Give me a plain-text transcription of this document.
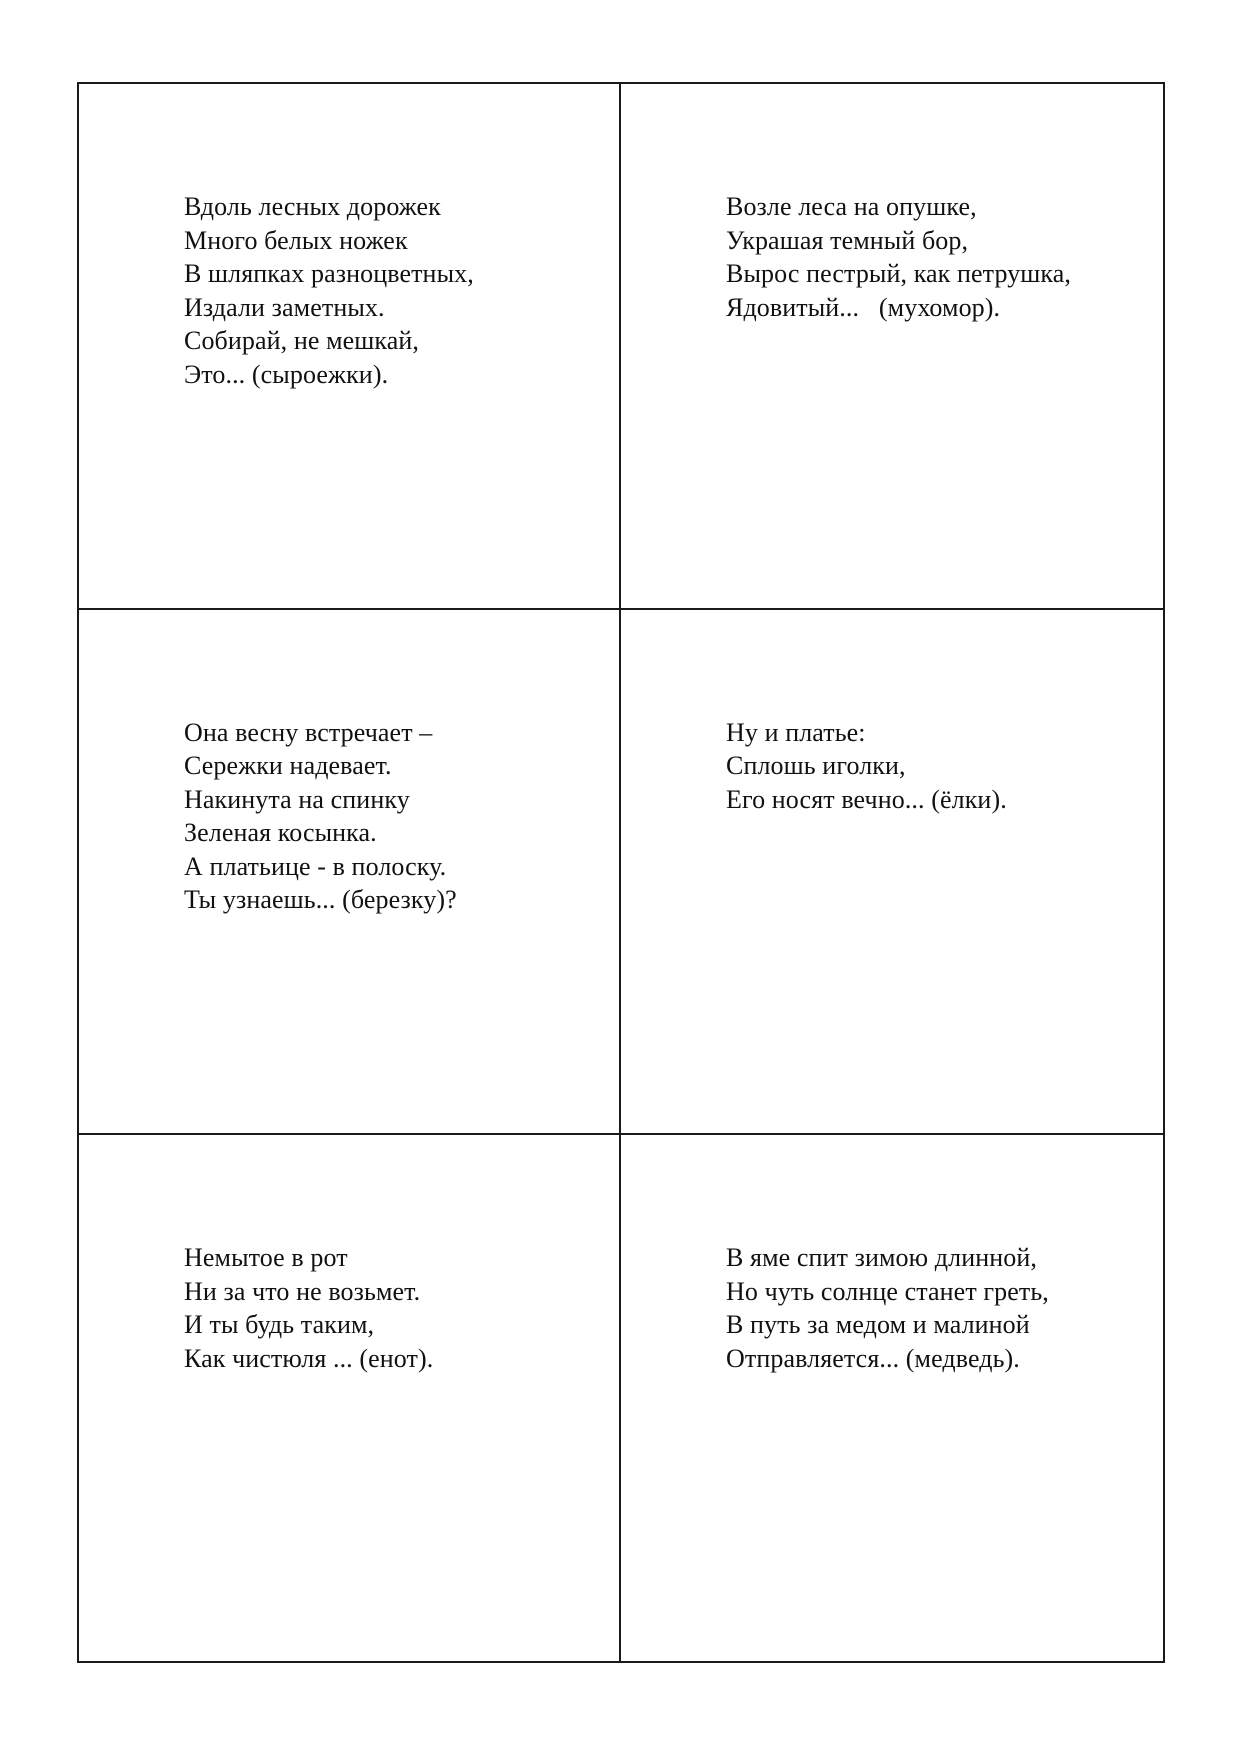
Вдоль лесных дорожек
Много белых ножек
В шляпках разноцветных,
Издали заметных.
Собирай, не мешкай,
Это... (сыроежки).
Возле леса на опушке,
Украшая темный бор,
Вырос пестрый, как петрушка,
Ядовитый...   (мухомор).
Она весну встречает –
Сережки надевает.
Накинута на спинку
Зеленая косынка.
А платьице - в полоску.
Ты узнаешь... (березку)?
Ну и платье:
Сплошь иголки,
Его носят вечно... (ёлки).
Немытое в рот
Ни за что не возьмет.
И ты будь таким,
Как чистюля ... (енот).
В яме спит зимою длинной,
Но чуть солнце станет греть,
В путь за медом и малиной
Отправляется... (медведь).
